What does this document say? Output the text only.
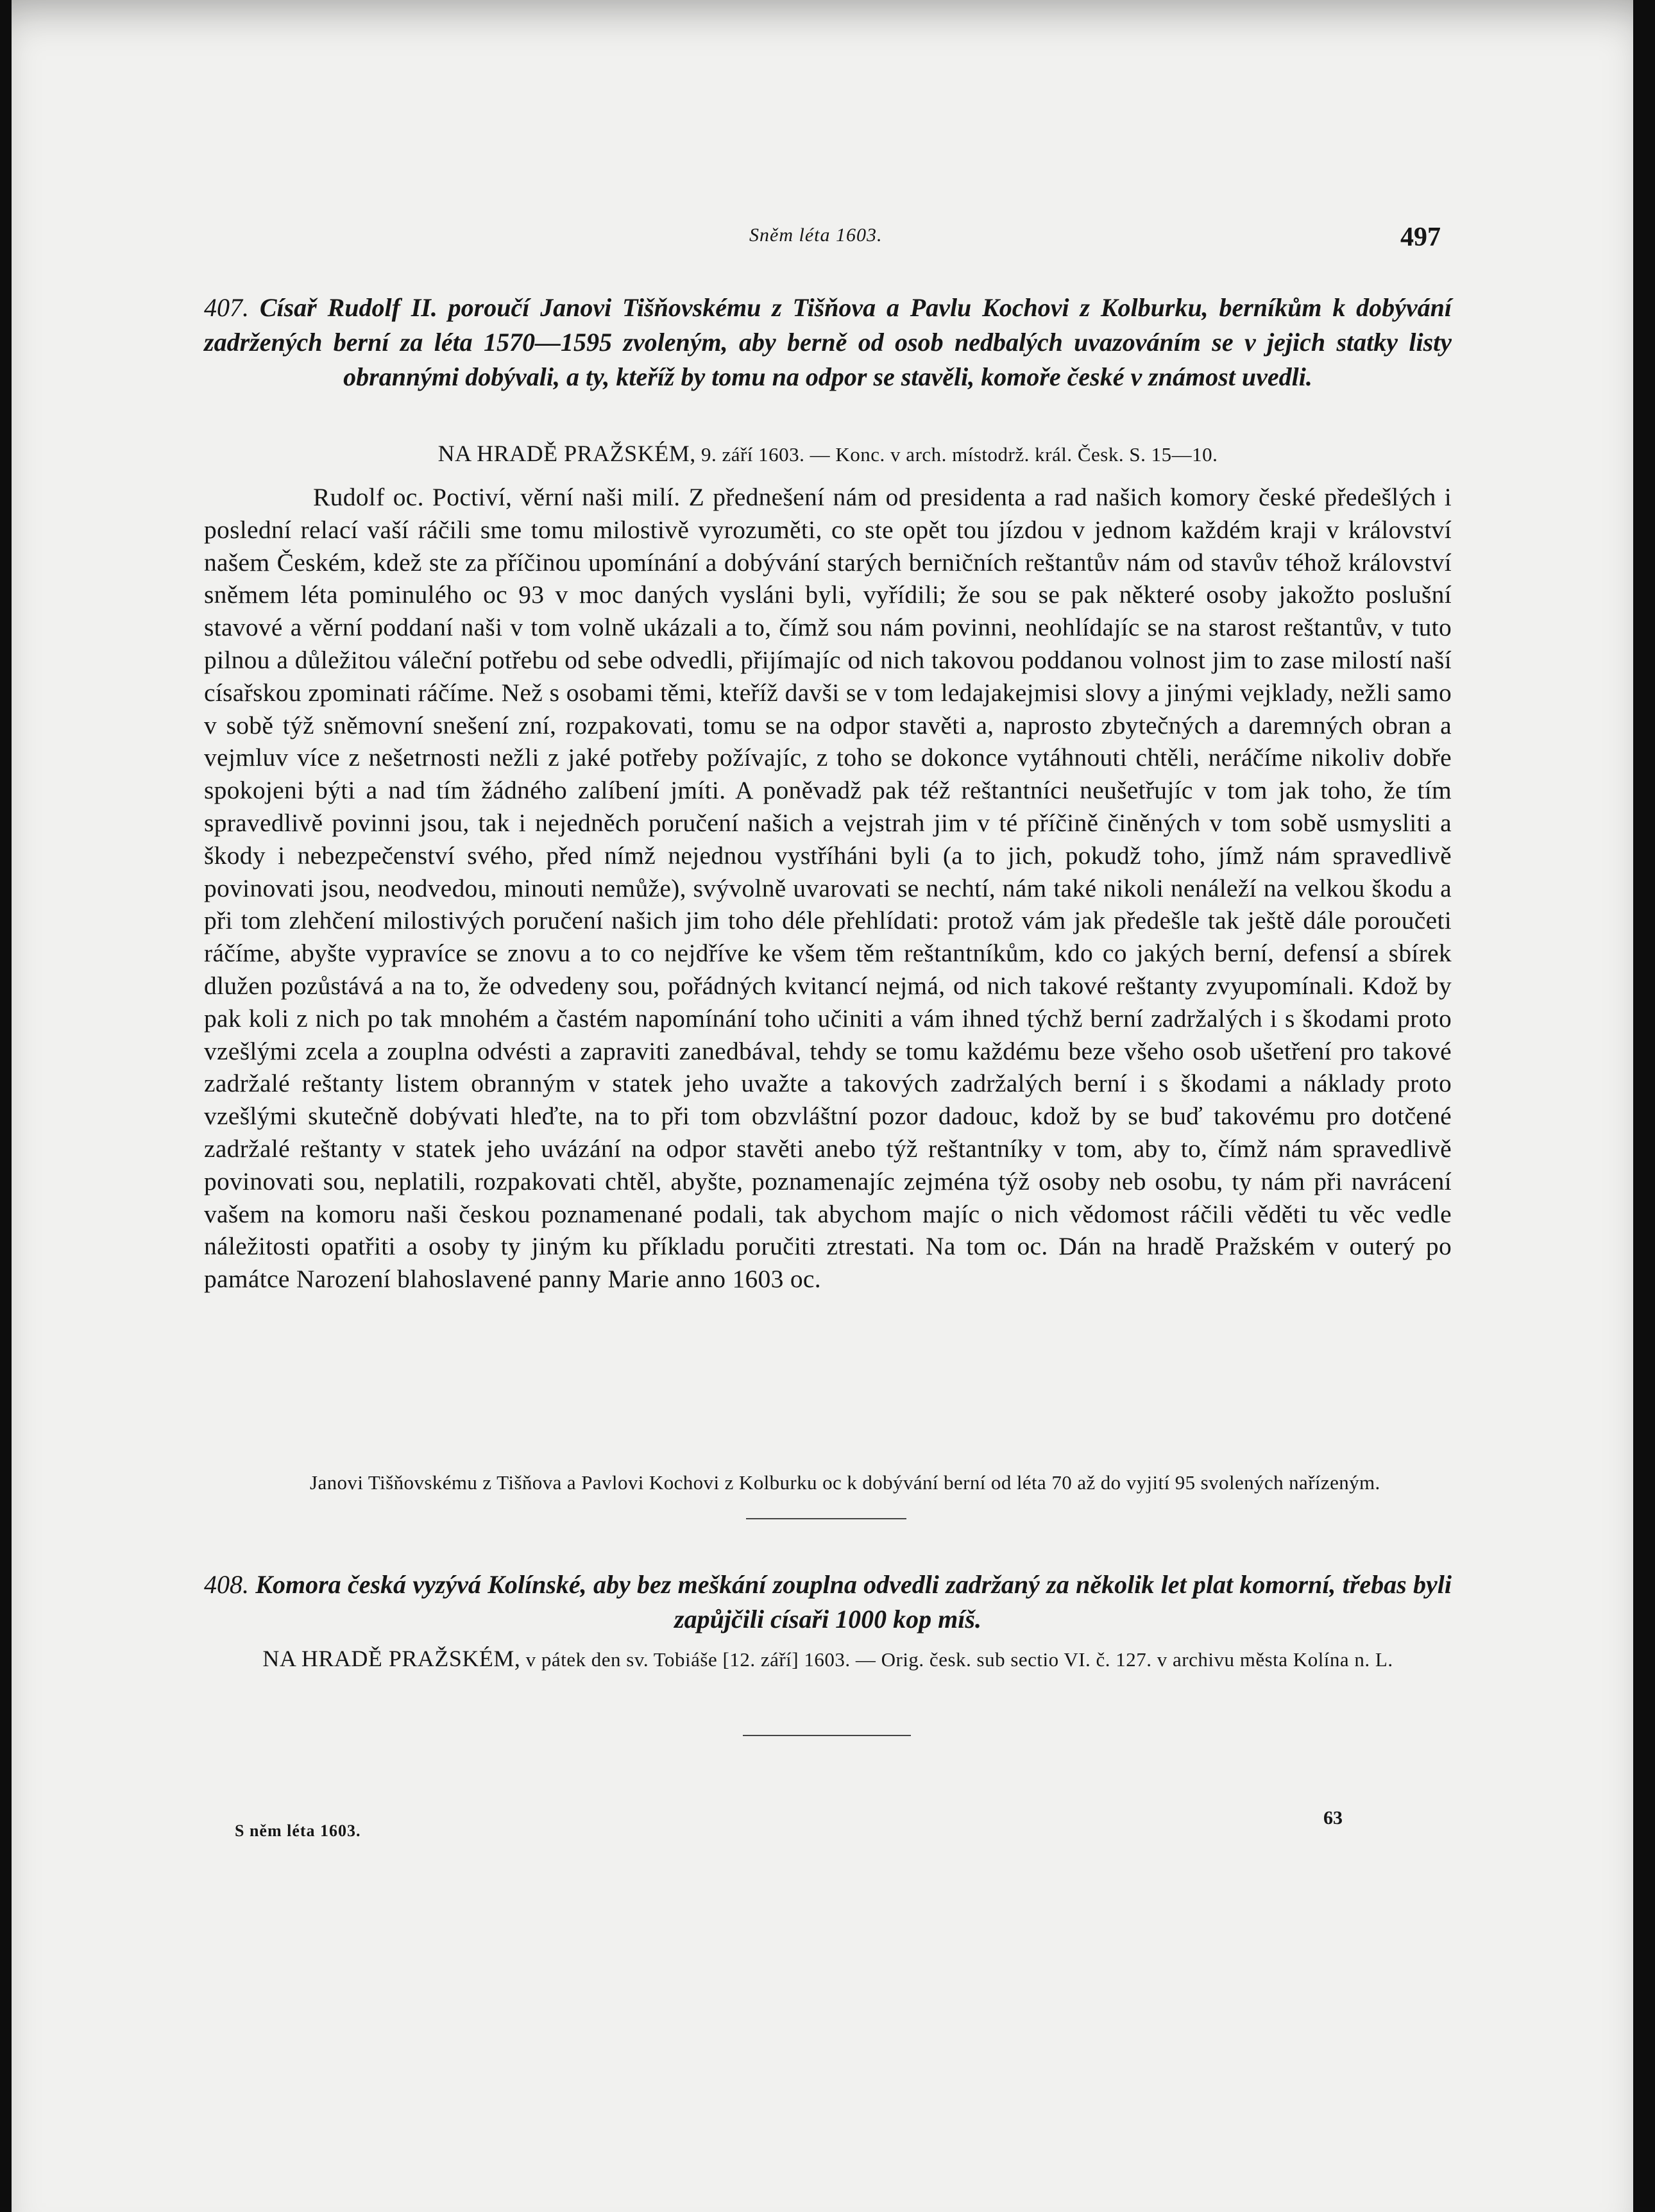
Sněm léta 1603.	497
407. Císař Rudolf II. poroučí Janovi Tišňovskému z Tišňova a Pavlu Kochovi z Kolburku, berníkům k dobývání zadržených berní za léta 1570—1595 zvoleným, aby berně od osob nedbalých uvazováním se v jejich statky listy obrannými dobývali, a ty, kteříž by tomu na odpor se stavěli, komoře české v známost uvedli.
NA HRADĚ PRAŽSKÉM, 9. září 1603. — Konc. v arch. místodrž. král. Česk. S. 15—10.

Rudolf oc. Poctiví, věrní naši milí. Z přednešení nám od presidenta a rad našich komory české předešlých i poslední relací vaší ráčili sme tomu milostivě vyrozuměti, co ste opět tou jízdou v jednom každém kraji v království našem Českém, kdež ste za příčinou upomínání a dobývání starých berničních reštantův nám od stavův téhož království sněmem léta pominulého oc 93 v moc daných vysláni byli, vyřídili; že sou se pak některé osoby jakožto poslušní stavové a věrní poddaní naši v tom volně ukázali a to, čímž sou nám povinni, neohlídajíc se na starost reštantův, v tuto pilnou a důležitou váleční potřebu od sebe odvedli, přijímajíc od nich takovou poddanou volnost jim to zase milostí naší císařskou zpominati ráčíme. Než s osobami těmi, kteříž davši se v tom ledajakejmisi slovy a jinými vejklady, nežli samo v sobě týž sněmovní snešení zní, rozpakovati, tomu se na odpor stavěti a, naprosto zbytečných a daremných obran a vejmluv více z nešetrnosti nežli z jaké potřeby požívajíc, z toho se dokonce vytáhnouti chtěli, neráčíme nikoliv dobře spokojeni býti a nad tím žádného zalíbení jmíti. A poněvadž pak též reštantníci neušetřujíc v tom jak toho, že tím spravedlivě povinni jsou, tak i nejedněch poručení našich a vejstrah jim v té příčině činěných v tom sobě usmysliti a škody i nebezpečenství svého, před nímž nejednou vystříháni byli (a to jich, pokudž toho, jímž nám spravedlivě povinovati jsou, neodvedou, minouti nemůže), svývolně uvarovati se nechtí, nám také nikoli nenáleží na velkou škodu a při tom zlehčení milostivých poručení našich jim toho déle přehlídati: protož vám jak předešle tak ještě dále poroučeti ráčíme, abyšte vypravíce se znovu a to co nejdříve ke všem těm reštantníkům, kdo co jakých berní, defensí a sbírek dlužen pozůstává a na to, že odvedeny sou, pořádných kvitancí nejmá, od nich takové reštanty zvyupomínali. Kdož by pak koli z nich po tak mnohém a častém napomínání toho učiniti a vám ihned týchž berní zadržalých i s škodami proto vzešlými zcela a zouplna odvésti a zapraviti zanedbával, tehdy se tomu každému beze všeho osob ušetření pro takové zadržalé reštanty listem obranným v statek jeho uvažte a takových zadržalých berní i s škodami a náklady proto vzešlými skutečně dobývati hleďte, na to při tom obzvláštní pozor dadouc, kdož by se buď takovému pro dotčené zadržalé reštanty v statek jeho uvázání na odpor stavěti anebo týž reštantníky v tom, aby to, čímž nám spravedlivě povinovati sou, neplatili, rozpakovati chtěl, abyšte, poznamenajíc zejména týž osoby neb osobu, ty nám při navrácení vašem na komoru naši českou poznamenané podali, tak abychom majíc o nich vědomost ráčili věděti tu věc vedle náležitosti opatřiti a osoby ty jiným ku příkladu poručiti ztrestati. Na tom oc. Dán na hradě Pražském v outerý po památce Narození blahoslavené panny Marie anno 1603 oc.

Janovi Tišňovskému z Tišňova a Pavlovi Kochovi z Kolburku oc k dobývání berní od léta 70 až do vyjití 95 svolených nařízeným.

408. Komora česká vyzývá Kolínské, aby bez meškání zouplna odvedli zadržaný za několik let plat komorní, třebas byli zapůjčili císaři 1000 kop míš.
NA HRADĚ PRAŽSKÉM, v pátek den sv. Tobiáše [12. září] 1603. — Orig. česk. sub sectio VI. č. 127. v archivu města Kolína n. L.
S něm léta 1603.
63
